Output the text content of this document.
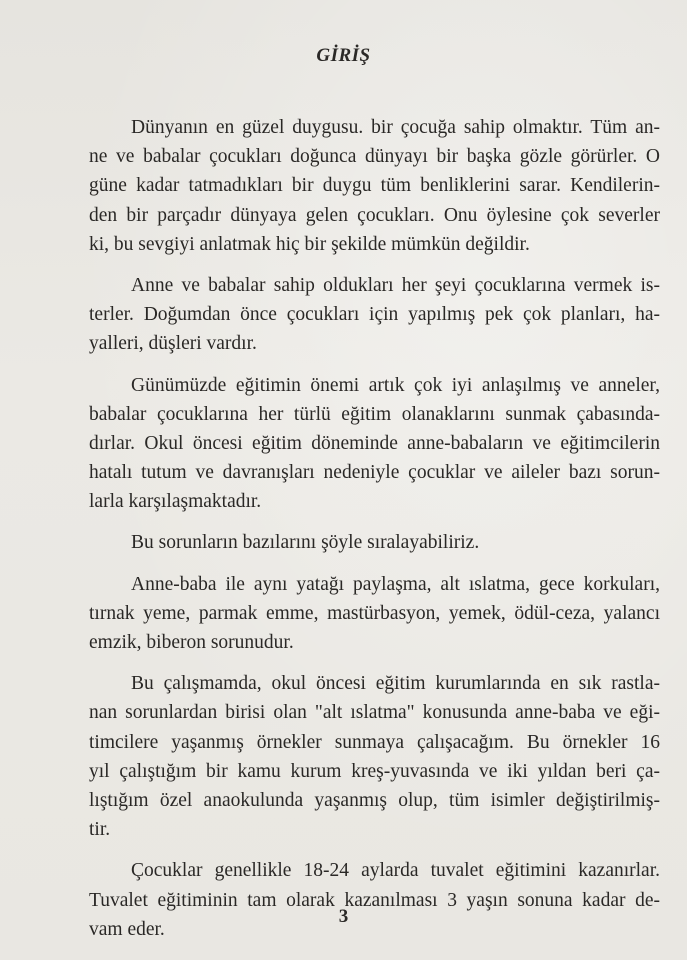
GİRİŞ
Dünyanın en güzel duygusu. bir çocuğa sahip olmaktır. Tüm an-
ne ve babalar çocukları doğunca dünyayı bir başka gözle görürler. O
güne kadar tatmadıkları bir duygu tüm benliklerini sarar. Kendilerin-
den bir parçadır dünyaya gelen çocukları. Onu öylesine çok severler
ki, bu sevgiyi anlatmak hiç bir şekilde mümkün değildir.
Anne ve babalar sahip oldukları her şeyi çocuklarına vermek is-
terler. Doğumdan önce çocukları için yapılmış pek çok planları, ha-
yalleri, düşleri vardır.
Günümüzde eğitimin önemi artık çok iyi anlaşılmış ve anneler,
babalar çocuklarına her türlü eğitim olanaklarını sunmak çabasında-
dırlar. Okul öncesi eğitim döneminde anne-babaların ve eğitimcilerin
hatalı tutum ve davranışları nedeniyle çocuklar ve aileler bazı sorun-
larla karşılaşmaktadır.
Bu sorunların bazılarını şöyle sıralayabiliriz.
Anne-baba ile aynı yatağı paylaşma, alt ıslatma, gece korkuları,
tırnak yeme, parmak emme, mastürbasyon, yemek, ödül-ceza, yalancı
emzik, biberon sorunudur.
Bu çalışmamda, okul öncesi eğitim kurumlarında en sık rastla-
nan sorunlardan birisi olan "alt ıslatma" konusunda anne-baba ve eği-
timcilere yaşanmış örnekler sunmaya çalışacağım. Bu örnekler 16
yıl çalıştığım bir kamu kurum kreş-yuvasında ve iki yıldan beri ça-
lıştığım özel anaokulunda yaşanmış olup, tüm isimler değiştirilmiş-
tir.
Çocuklar genellikle 18-24 aylarda tuvalet eğitimini kazanırlar.
Tuvalet eğitiminin tam olarak kazanılması 3 yaşın sonuna kadar de-
vam eder.
3
